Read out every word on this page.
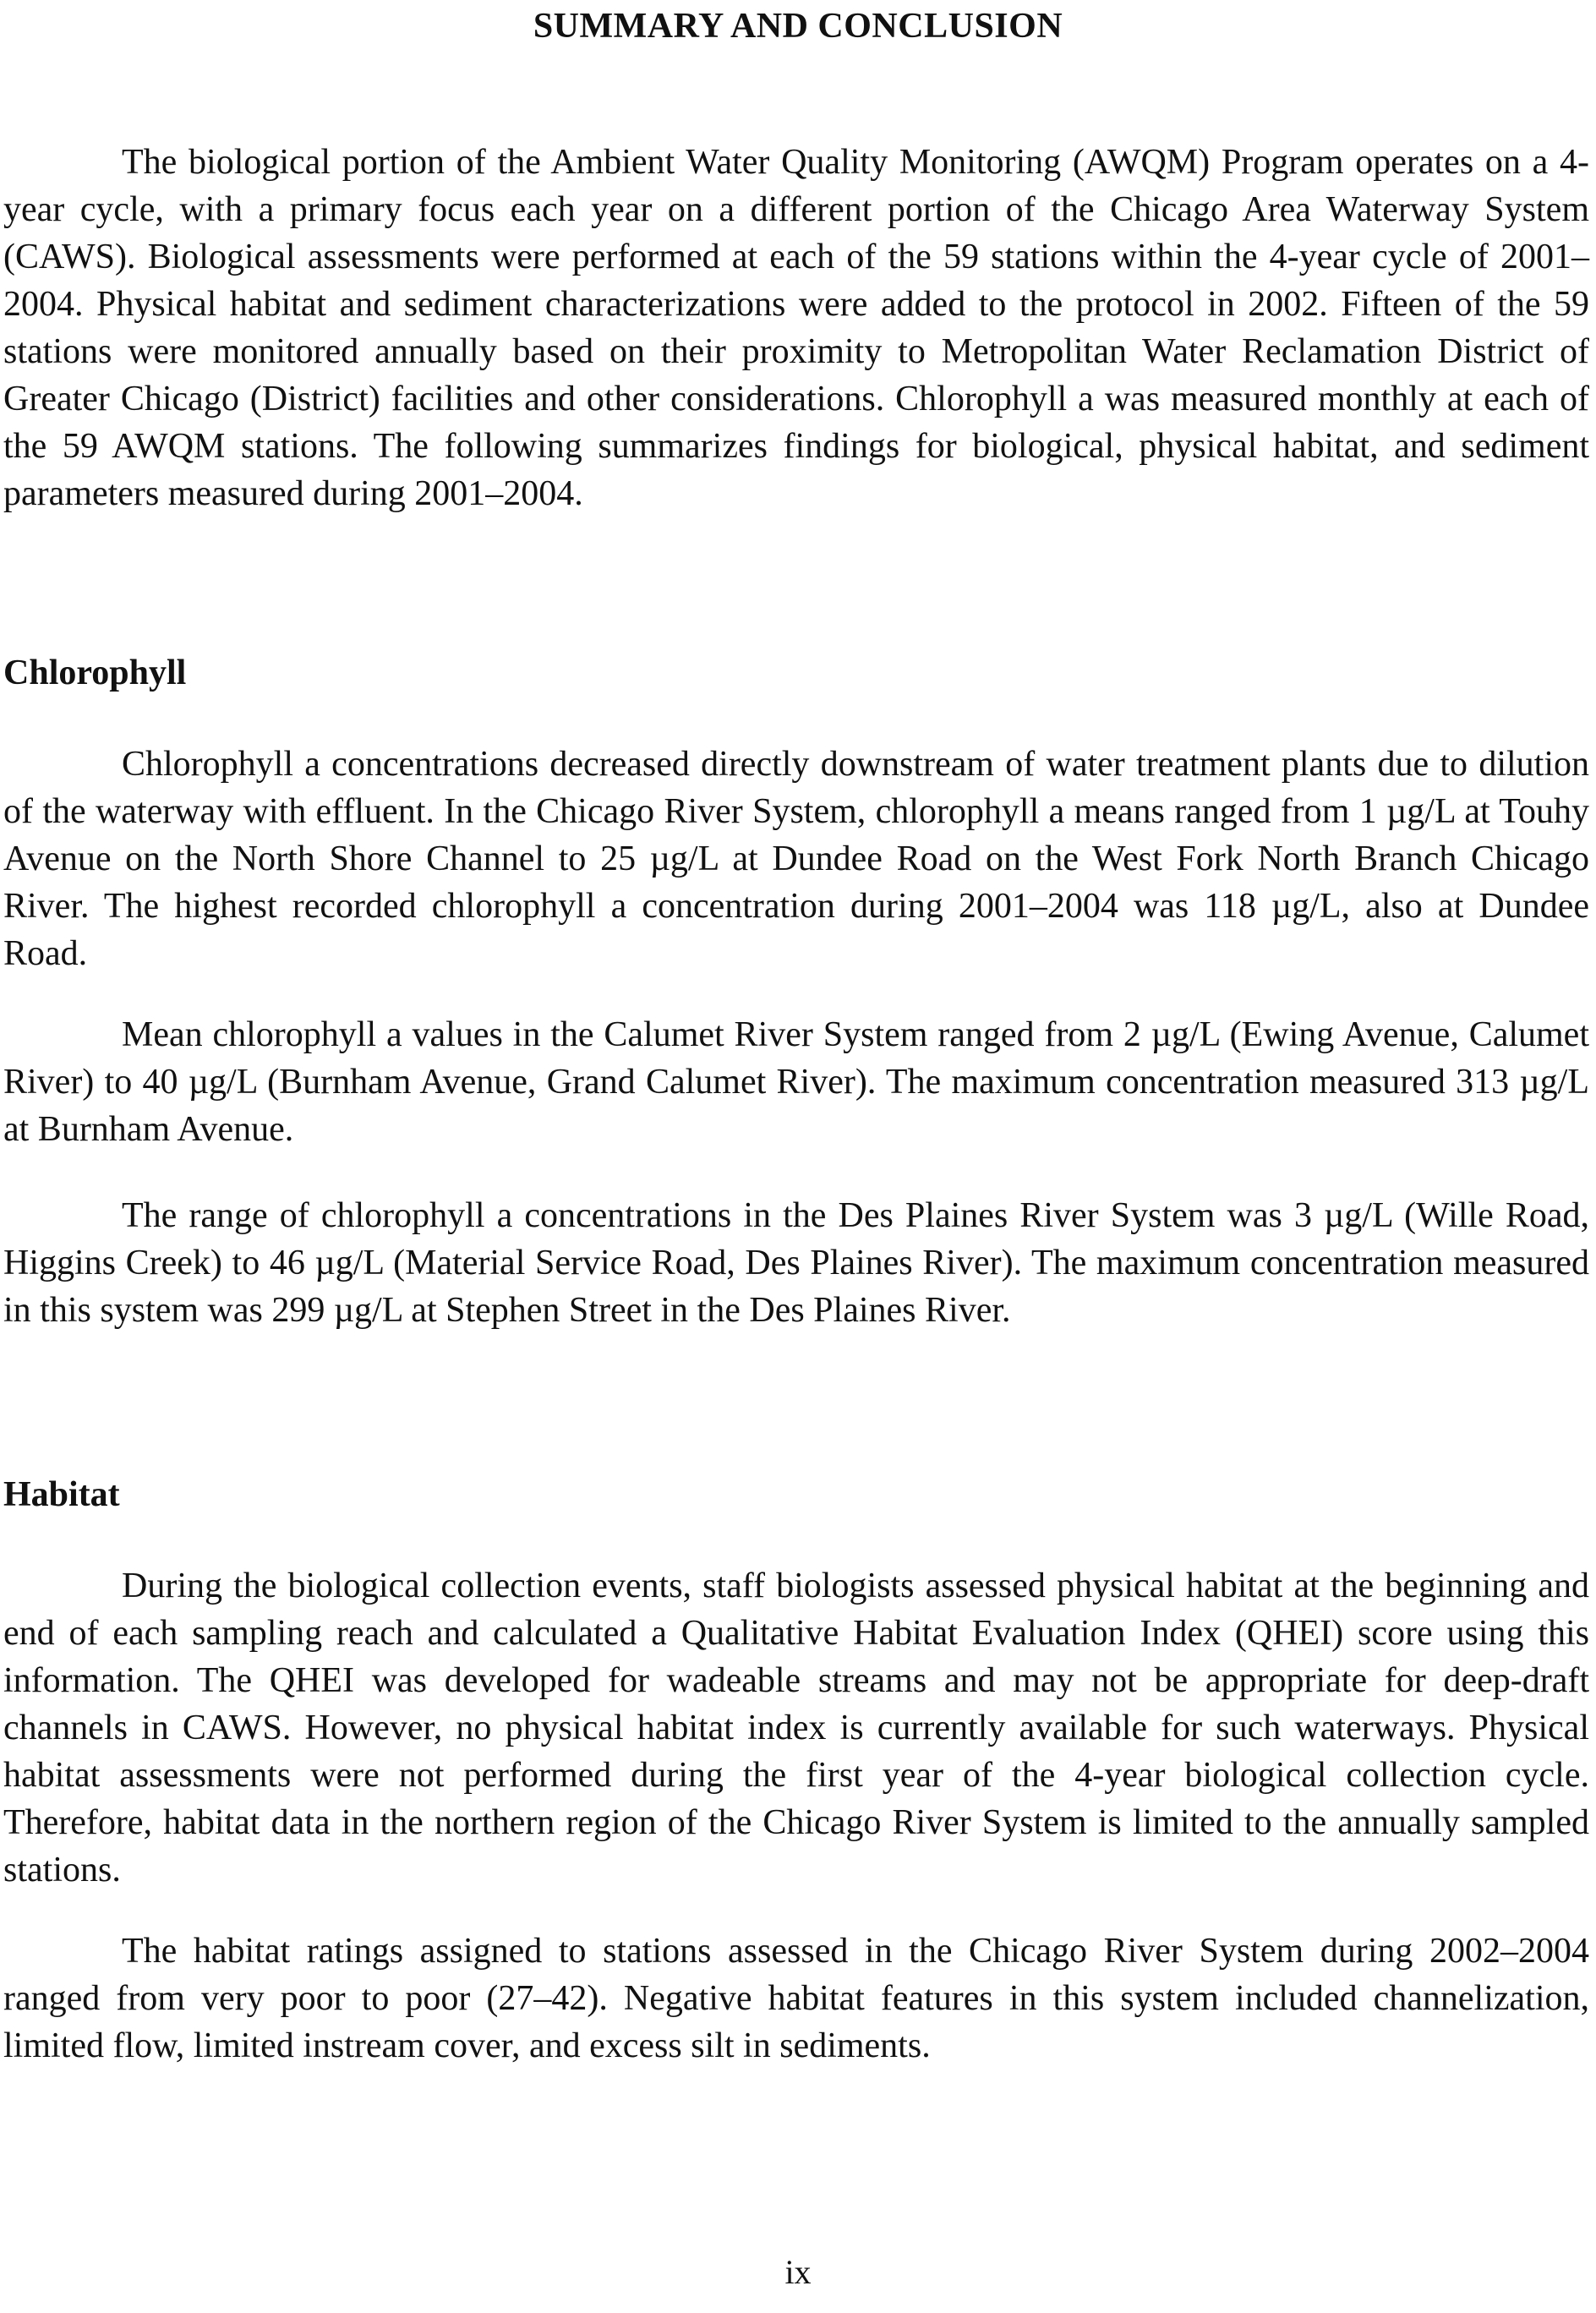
SUMMARY AND CONCLUSION

The biological portion of the Ambient Water Quality Monitoring (AWQM) Program operates on a 4-year cycle, with a primary focus each year on a different portion of the Chicago Area Waterway System (CAWS). Biological assessments were performed at each of the 59 stations within the 4-year cycle of 2001–2004. Physical habitat and sediment characterizations were added to the protocol in 2002. Fifteen of the 59 stations were monitored annually based on their proximity to Metropolitan Water Reclamation District of Greater Chicago (District) facilities and other considerations. Chlorophyll a was measured monthly at each of the 59 AWQM stations. The following summarizes findings for biological, physical habitat, and sediment parameters measured during 2001–2004.

Chlorophyll

Chlorophyll a concentrations decreased directly downstream of water treatment plants due to dilution of the waterway with effluent. In the Chicago River System, chlorophyll a means ranged from 1 µg/L at Touhy Avenue on the North Shore Channel to 25 µg/L at Dundee Road on the West Fork North Branch Chicago River. The highest recorded chlorophyll a concentration during 2001–2004 was 118 µg/L, also at Dundee Road.

Mean chlorophyll a values in the Calumet River System ranged from 2 µg/L (Ewing Avenue, Calumet River) to 40 µg/L (Burnham Avenue, Grand Calumet River). The maximum concentration measured 313 µg/L at Burnham Avenue.

The range of chlorophyll a concentrations in the Des Plaines River System was 3 µg/L (Wille Road, Higgins Creek) to 46 µg/L (Material Service Road, Des Plaines River). The maximum concentration measured in this system was 299 µg/L at Stephen Street in the Des Plaines River.

Habitat

During the biological collection events, staff biologists assessed physical habitat at the beginning and end of each sampling reach and calculated a Qualitative Habitat Evaluation Index (QHEI) score using this information. The QHEI was developed for wadeable streams and may not be appropriate for deep-draft channels in CAWS. However, no physical habitat index is currently available for such waterways. Physical habitat assessments were not performed during the first year of the 4-year biological collection cycle. Therefore, habitat data in the northern region of the Chicago River System is limited to the annually sampled stations.

The habitat ratings assigned to stations assessed in the Chicago River System during 2002–2004 ranged from very poor to poor (27–42). Negative habitat features in this system included channelization, limited flow, limited instream cover, and excess silt in sediments.

ix
